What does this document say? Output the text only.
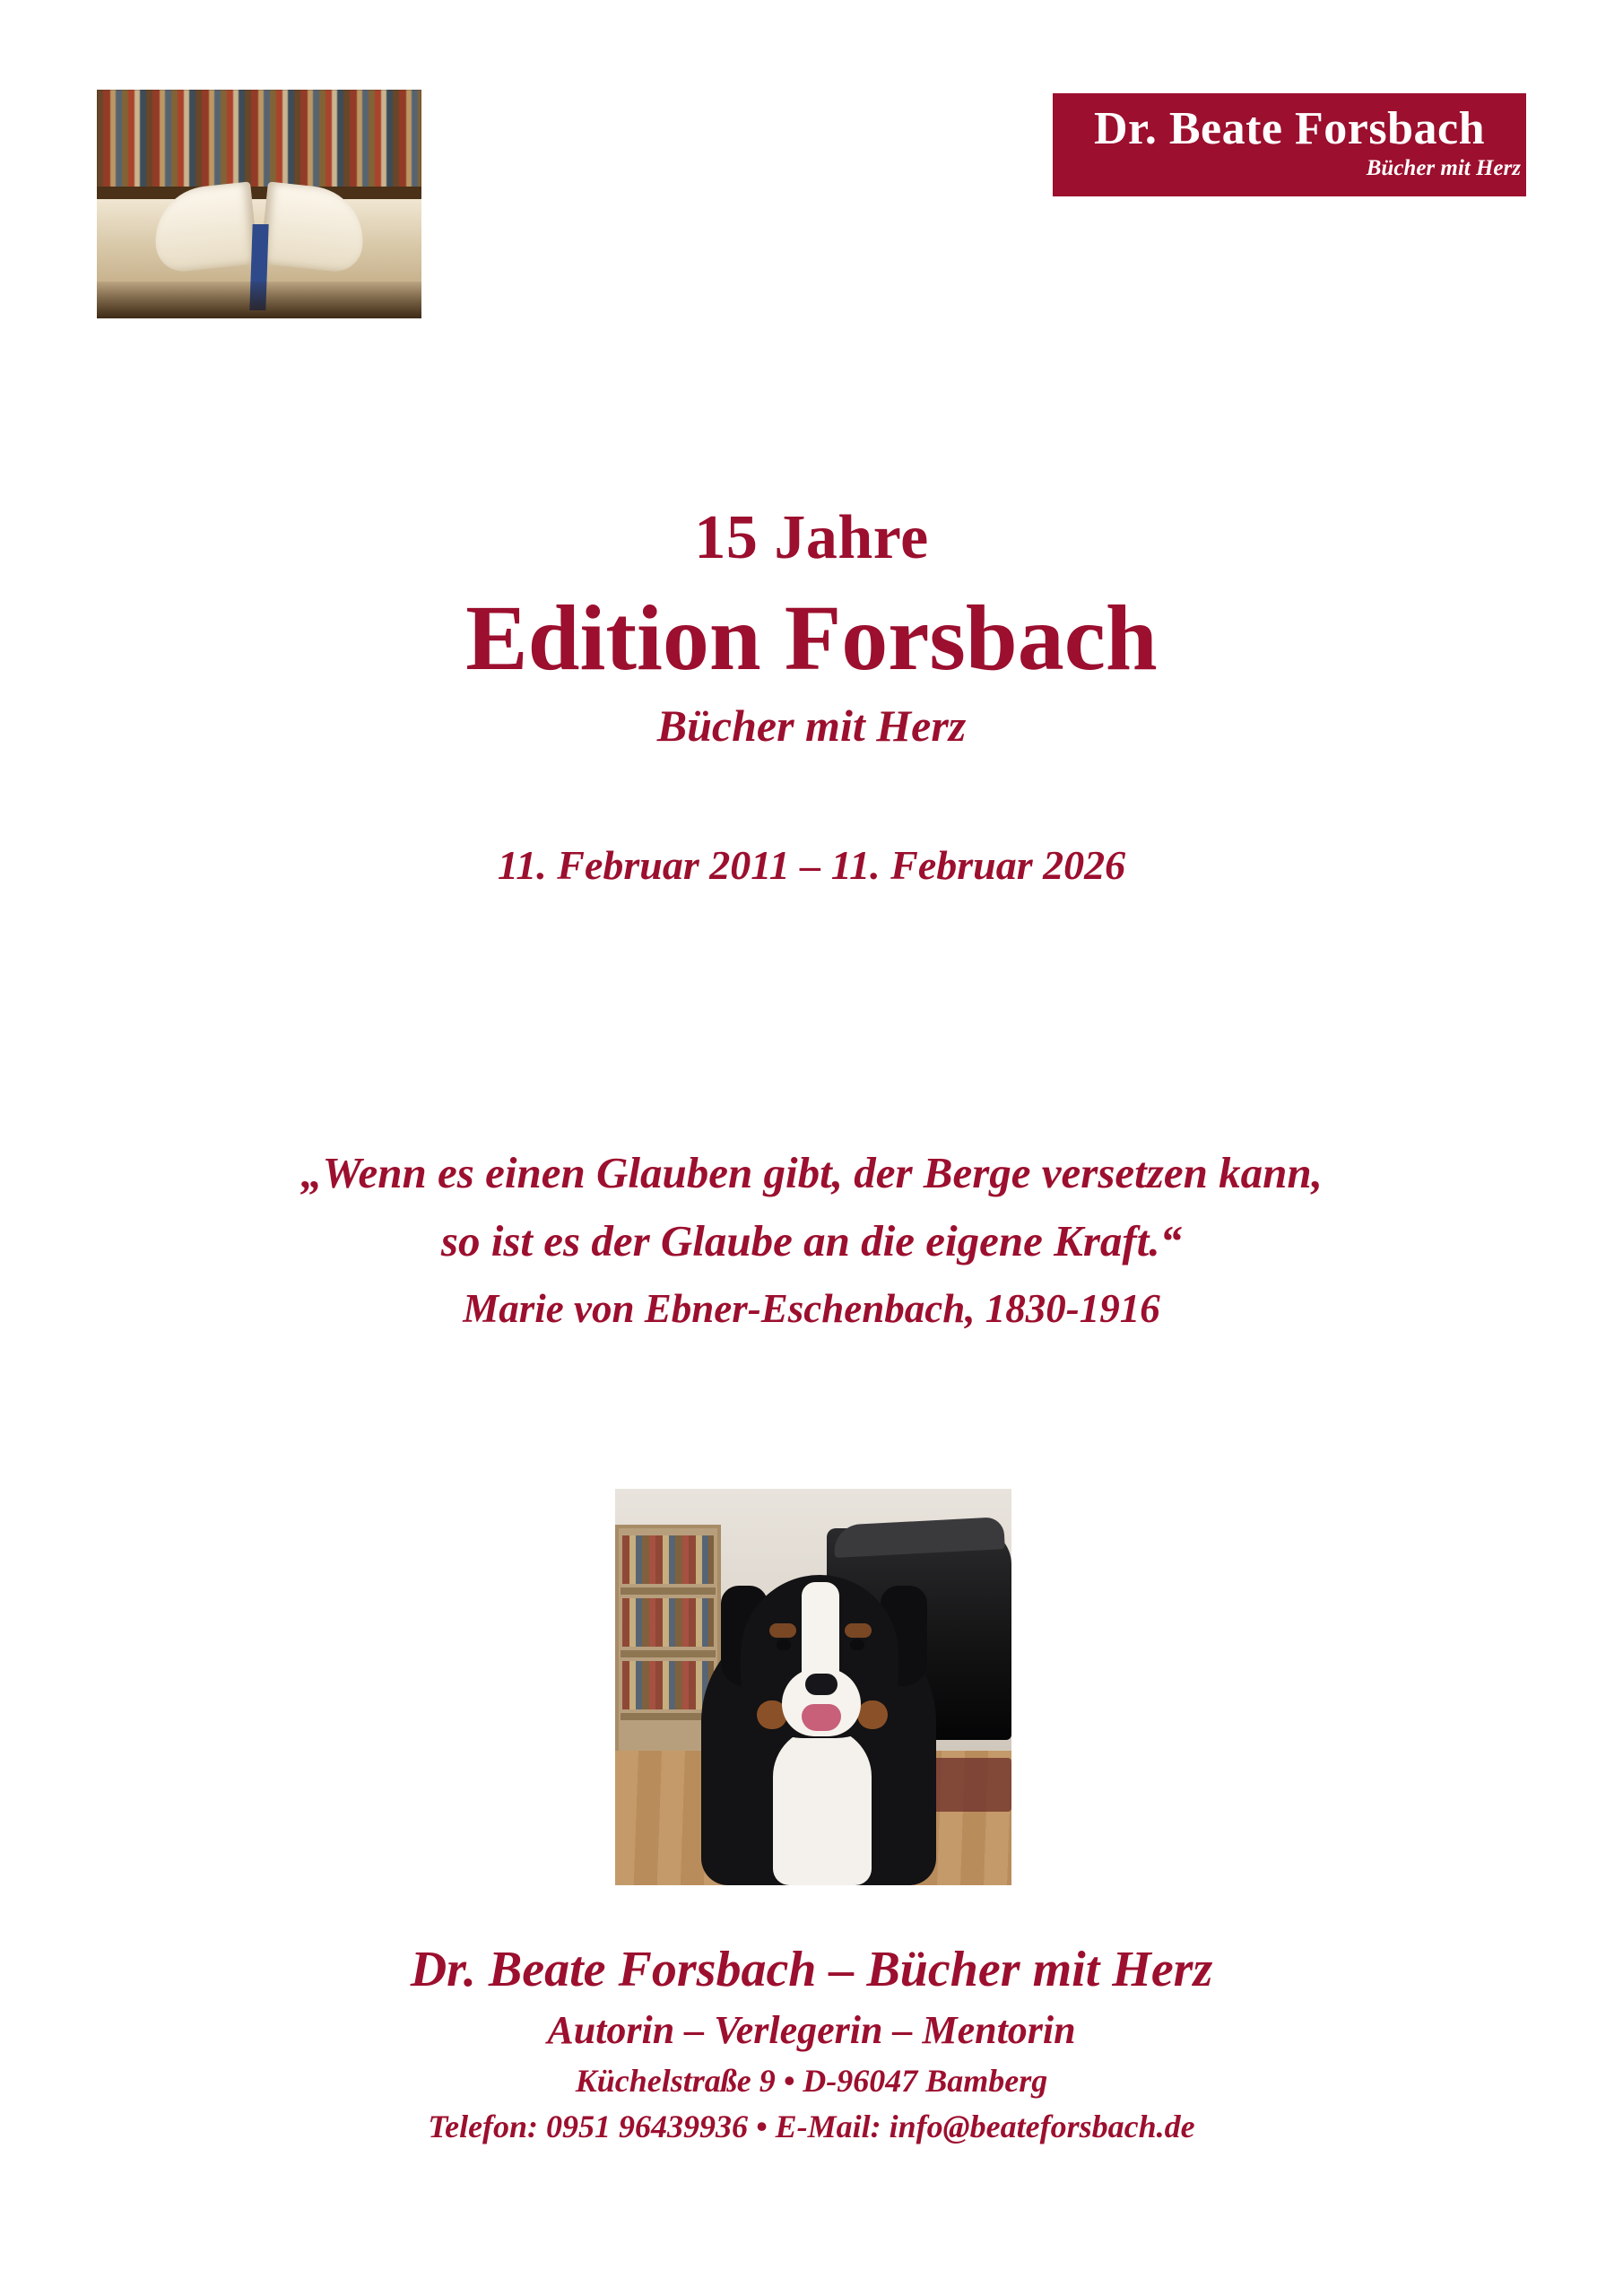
Dr. Beate Forsbach
Bücher mit Herz
15 Jahre
Edition Forsbach
Bücher mit Herz
11. Februar 2011 – 11. Februar 2026
„Wenn es einen Glauben gibt, der Berge versetzen kann,
so ist es der Glaube an die eigene Kraft.“
Marie von Ebner-Eschenbach, 1830-1916
Dr. Beate Forsbach – Bücher mit Herz
Autorin – Verlegerin – Mentorin
Küchelstraße 9 • D-96047 Bamberg
Telefon: 0951 96439936 • E-Mail: info@beateforsbach.de
